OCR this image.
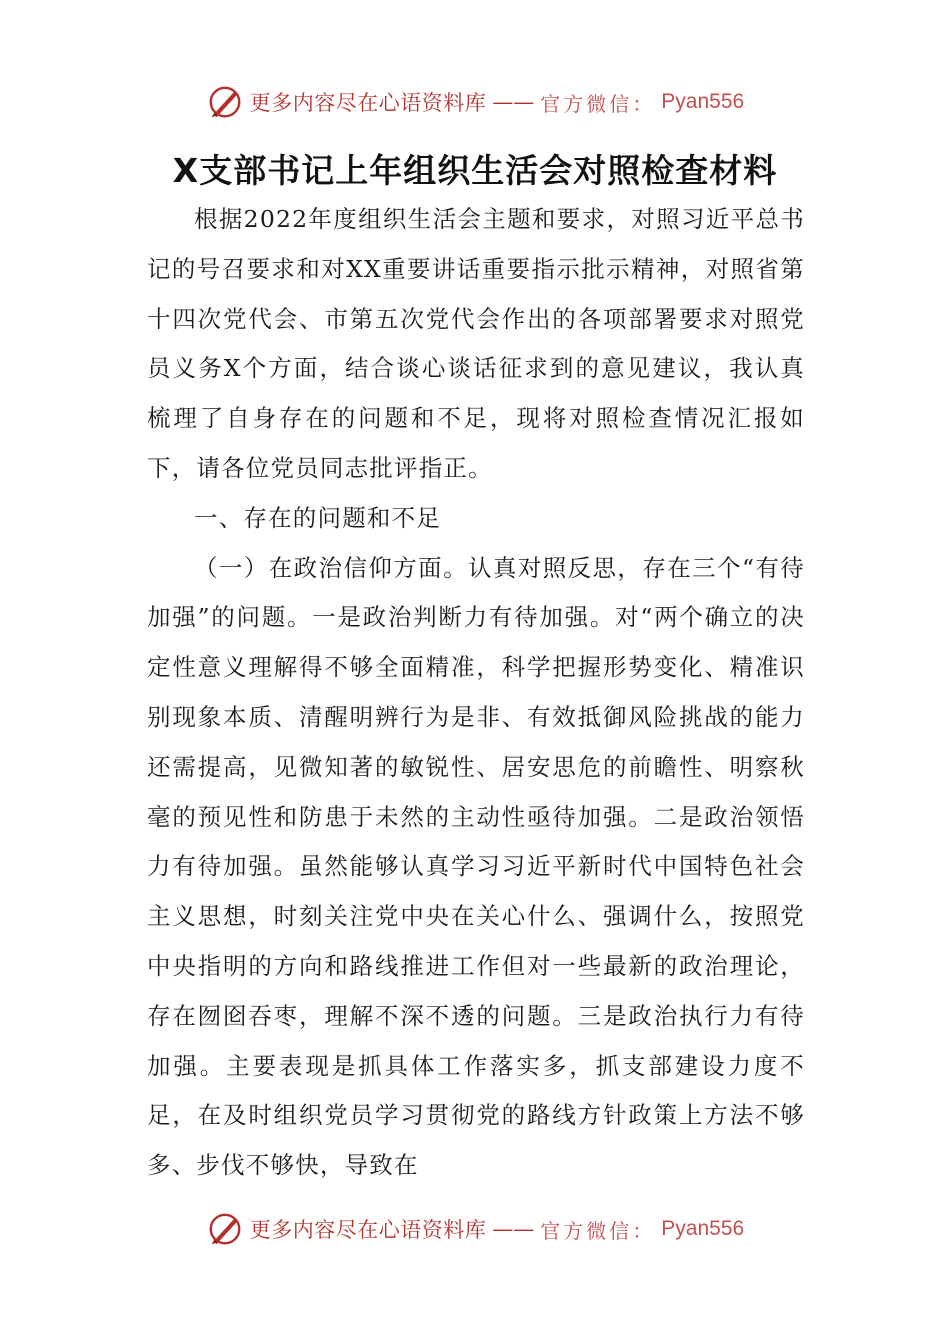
更多内容尽在心语资料库 —— 官方微信： Pyan556
X支部书记上年组织生活会对照检查材料

根据2022年度组织生活会主题和要求，对照习近平总书记的号召要求和对XX重要讲话重要指示批示精神，对照省第十四次党代会、市第五次党代会作出的各项部署要求对照党员义务X个方面，结合谈心谈话征求到的意见建议，我认真梳理了自身存在的问题和不足，现将对照检查情况汇报如下，请各位党员同志批评指正。

一、存在的问题和不足

（一）在政治信仰方面。认真对照反思，存在三个“有待加强”的问题。一是政治判断力有待加强。对“两个确立的决定性意义理解得不够全面精准，科学把握形势变化、精准识别现象本质、清醒明辨行为是非、有效抵御风险挑战的能力还需提高，见微知著的敏锐性、居安思危的前瞻性、明察秋毫的预见性和防患于未然的主动性亟待加强。二是政治领悟力有待加强。虽然能够认真学习习近平新时代中国特色社会主义思想，时刻关注党中央在关心什么、强调什么，按照党中央指明的方向和路线推进工作但对一些最新的政治理论，存在囫囵吞枣，理解不深不透的问题。三是政治执行力有待加强。主要表现是抓具体工作落实多，抓支部建设力度不足，在及时组织党员学习贯彻党的路线方针政策上方法不够多、步伐不够快，导致在

更多内容尽在心语资料库 —— 官方微信： Pyan556
